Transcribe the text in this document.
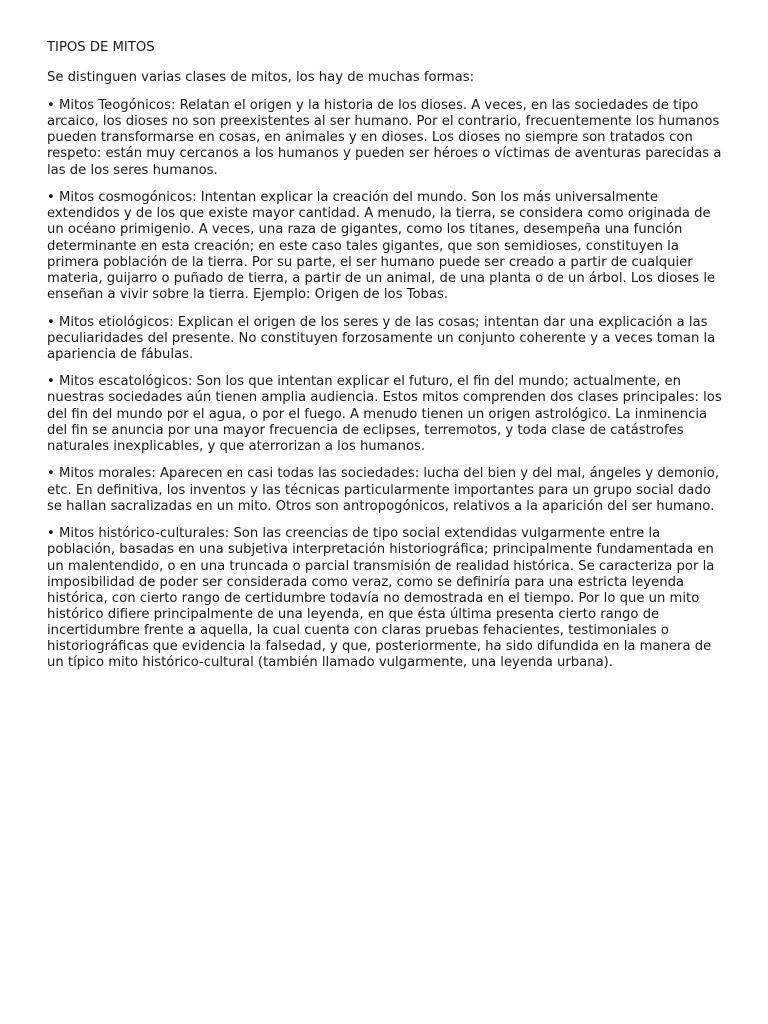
TIPOS DE MITOS

Se distinguen varias clases de mitos, los hay de muchas formas:

• Mitos Teogónicos: Relatan el origen y la historia de los dioses. A veces, en las sociedades de tipo arcaico, los dioses no son preexistentes al ser humano. Por el contrario, frecuentemente los humanos pueden transformarse en cosas, en animales y en dioses. Los dioses no siempre son tratados con respeto: están muy cercanos a los humanos y pueden ser héroes o víctimas de aventuras parecidas a las de los seres humanos.

• Mitos cosmogónicos: Intentan explicar la creación del mundo. Son los más universalmente extendidos y de los que existe mayor cantidad. A menudo, la tierra, se considera como originada de un océano primigenio. A veces, una raza de gigantes, como los titanes, desempeña una función determinante en esta creación; en este caso tales gigantes, que son semidioses, constituyen la primera población de la tierra. Por su parte, el ser humano puede ser creado a partir de cualquier materia, guijarro o puñado de tierra, a partir de un animal, de una planta o de un árbol. Los dioses le enseñan a vivir sobre la tierra. Ejemplo: Origen de los Tobas.

• Mitos etiológicos: Explican el origen de los seres y de las cosas; intentan dar una explicación a las peculiaridades del presente. No constituyen forzosamente un conjunto coherente y a veces toman la apariencia de fábulas.

• Mitos escatológicos: Son los que intentan explicar el futuro, el fin del mundo; actualmente, en nuestras sociedades aún tienen amplia audiencia. Estos mitos comprenden dos clases principales: los del fin del mundo por el agua, o por el fuego. A menudo tienen un origen astrológico. La inminencia del fin se anuncia por una mayor frecuencia de eclipses, terremotos, y toda clase de catástrofes naturales inexplicables, y que aterrorizan a los humanos.

• Mitos morales: Aparecen en casi todas las sociedades: lucha del bien y del mal, ángeles y demonio, etc. En definitiva, los inventos y las técnicas particularmente importantes para un grupo social dado se hallan sacralizadas en un mito. Otros son antropogónicos, relativos a la aparición del ser humano.

• Mitos histórico-culturales: Son las creencias de tipo social extendidas vulgarmente entre la población, basadas en una subjetiva interpretación historiográfica; principalmente fundamentada en un malentendido, o en una truncada o parcial transmisión de realidad histórica. Se caracteriza por la imposibilidad de poder ser considerada como veraz, como se definiría para una estricta leyenda histórica, con cierto rango de certidumbre todavía no demostrada en el tiempo. Por lo que un mito histórico difiere principalmente de una leyenda, en que ésta última presenta cierto rango de incertidumbre frente a aquella, la cual cuenta con claras pruebas fehacientes, testimoniales o historiográficas que evidencia la falsedad, y que, posteriormente, ha sido difundida en la manera de un típico mito histórico-cultural (también llamado vulgarmente, una leyenda urbana).
